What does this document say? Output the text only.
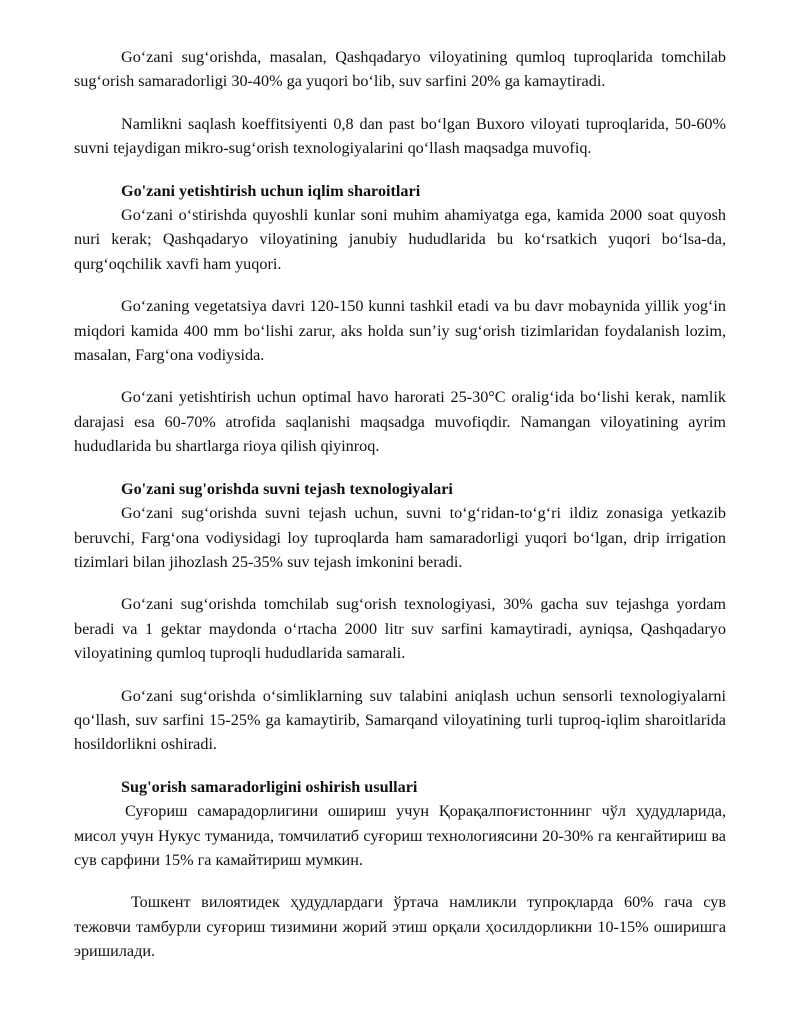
Go‘zani sug‘orishda, masalan, Qashqadaryo viloyatining qumloq tuproqlarida tomchilab sug‘orish samaradorligi 30-40% ga yuqori bo‘lib, suv sarfini 20% ga kamaytiradi.

Namlikni saqlash koeffitsiyenti 0,8 dan past bo‘lgan Buxoro viloyati tuproqlarida, 50-60% suvni tejaydigan mikro-sug‘orish texnologiyalarini qo‘llash maqsadga muvofiq.

Go'zani yetishtirish uchun iqlim sharoitlari

Go‘zani o‘stirishda quyoshli kunlar soni muhim ahamiyatga ega, kamida 2000 soat quyosh nuri kerak; Qashqadaryo viloyatining janubiy hududlarida bu ko‘rsatkich yuqori bo‘lsa-da, qurg‘oqchilik xavfi ham yuqori.

Go‘zaning vegetatsiya davri 120-150 kunni tashkil etadi va bu davr mobaynida yillik yog‘in miqdori kamida 400 mm bo‘lishi zarur, aks holda sun’iy sug‘orish tizimlaridan foydalanish lozim, masalan, Farg‘ona vodiysida.

Go‘zani yetishtirish uchun optimal havo harorati 25-30°C oralig‘ida bo‘lishi kerak, namlik darajasi esa 60-70% atrofida saqlanishi maqsadga muvofiqdir. Namangan viloyatining ayrim hududlarida bu shartlarga rioya qilish qiyinroq.

Go'zani sug'orishda suvni tejash texnologiyalari

Go‘zani sug‘orishda suvni tejash uchun, suvni to‘g‘ridan-to‘g‘ri ildiz zonasiga yetkazib beruvchi, Farg‘ona vodiysidagi loy tuproqlarda ham samaradorligi yuqori bo‘lgan, drip irrigation tizimlari bilan jihozlash 25-35% suv tejash imkonini beradi.

Go‘zani sug‘orishda tomchilab sug‘orish texnologiyasi, 30% gacha suv tejashga yordam beradi va 1 gektar maydonda o‘rtacha 2000 litr suv sarfini kamaytiradi, ayniqsa, Qashqadaryo viloyatining qumloq tuproqli hududlarida samarali.

Go‘zani sug‘orishda o‘simliklarning suv talabini aniqlash uchun sensorli texnologiyalarni qo‘llash, suv sarfini 15-25% ga kamaytirib, Samarqand viloyatining turli tuproq-iqlim sharoitlarida hosildorlikni oshiradi.

Sug'orish samaradorligini oshirish usullari

Суғориш самарадорлигини ошириш учун Қорақалпоғистоннинг чўл ҳудудларида, мисол учун Нукус туманида, томчилатиб суғориш технологиясини 20-30% га кенгайтириш ва сув сарфини 15% га камайтириш мумкин.

Тошкент вилоятидек ҳудудлардаги ўртача намликли тупроқларда 60% гача сув тежовчи тамбурли суғориш тизимини жорий этиш орқали ҳосилдорликни 10-15% оширишга эришилади.
